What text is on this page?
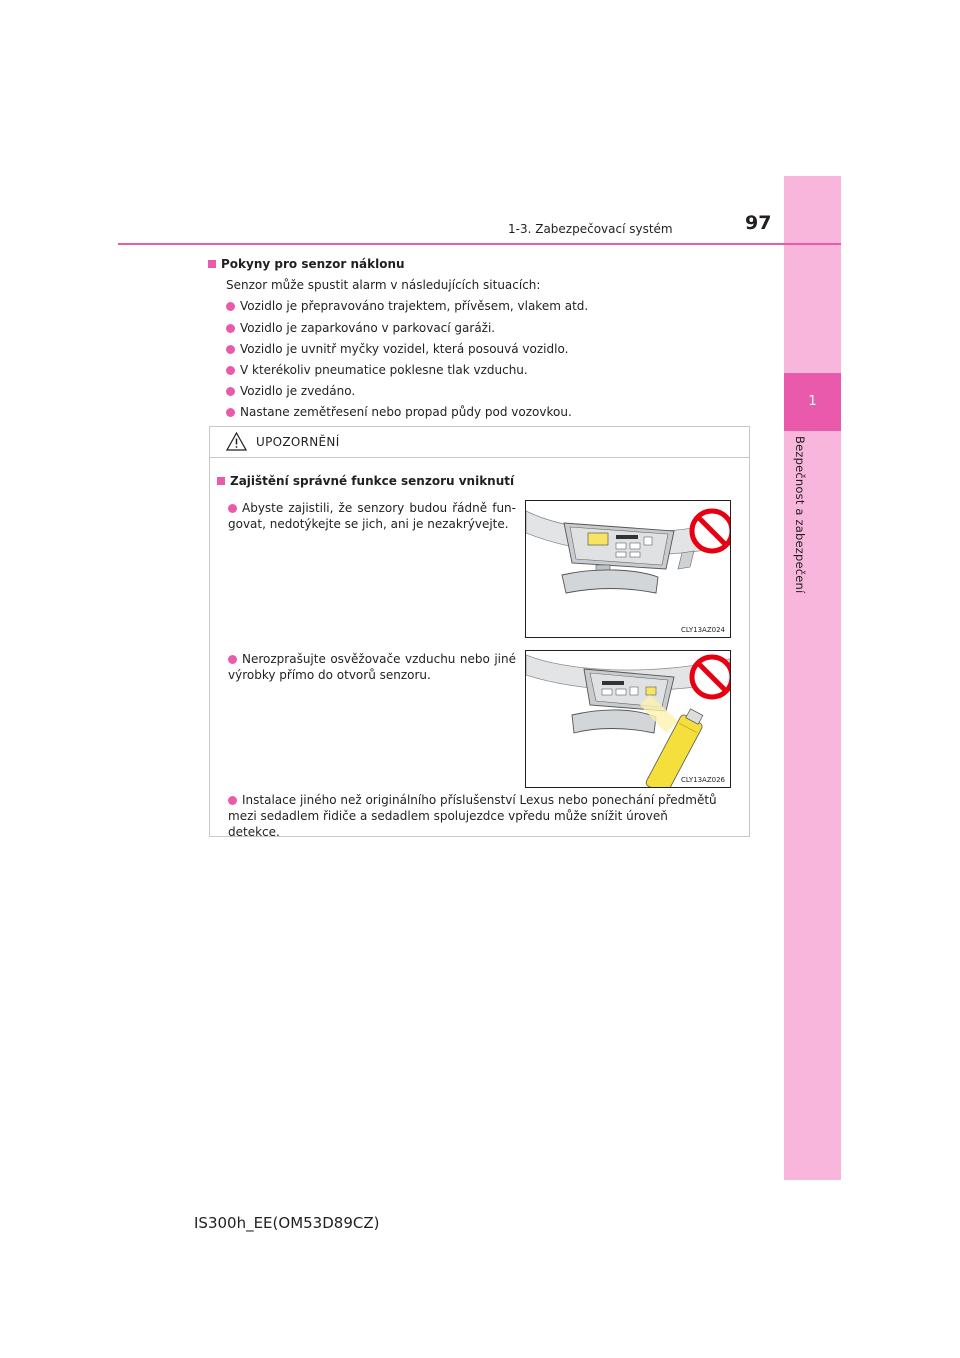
1
Bezpečnost a zabezpečení
1-3. Zabezpečovací systém	97
Pokyny pro senzor náklonu
Senzor může spustit alarm v následujících situacích:
Vozidlo je přepravováno trajektem, přívěsem, vlakem atd.
Vozidlo je zaparkováno v parkovací garáži.
Vozidlo je uvnitř myčky vozidel, která posouvá vozidlo.
V kterékoliv pneumatice poklesne tlak vzduchu.
Vozidlo je zvedáno.
Nastane zemětřesení nebo propad půdy pod vozovkou.
UPOZORNĚNÍ
Zajištění správné funkce senzoru vniknutí
Abyste zajistili, že senzory budou řádně fun-govat, nedotýkejte se jich, ani je nezakrývejte.
Nerozprašujte osvěžovače vzduchu nebo jiné výrobky přímo do otvorů senzoru.
Instalace jiného než originálního příslušenství Lexus nebo ponechání předmětů mezi sedadlem řidiče a sedadlem spolujezdce vpředu může snížit úroveň detekce.
CLY13AZ024
CLY13AZ026
IS300h_EE(OM53D89CZ)
